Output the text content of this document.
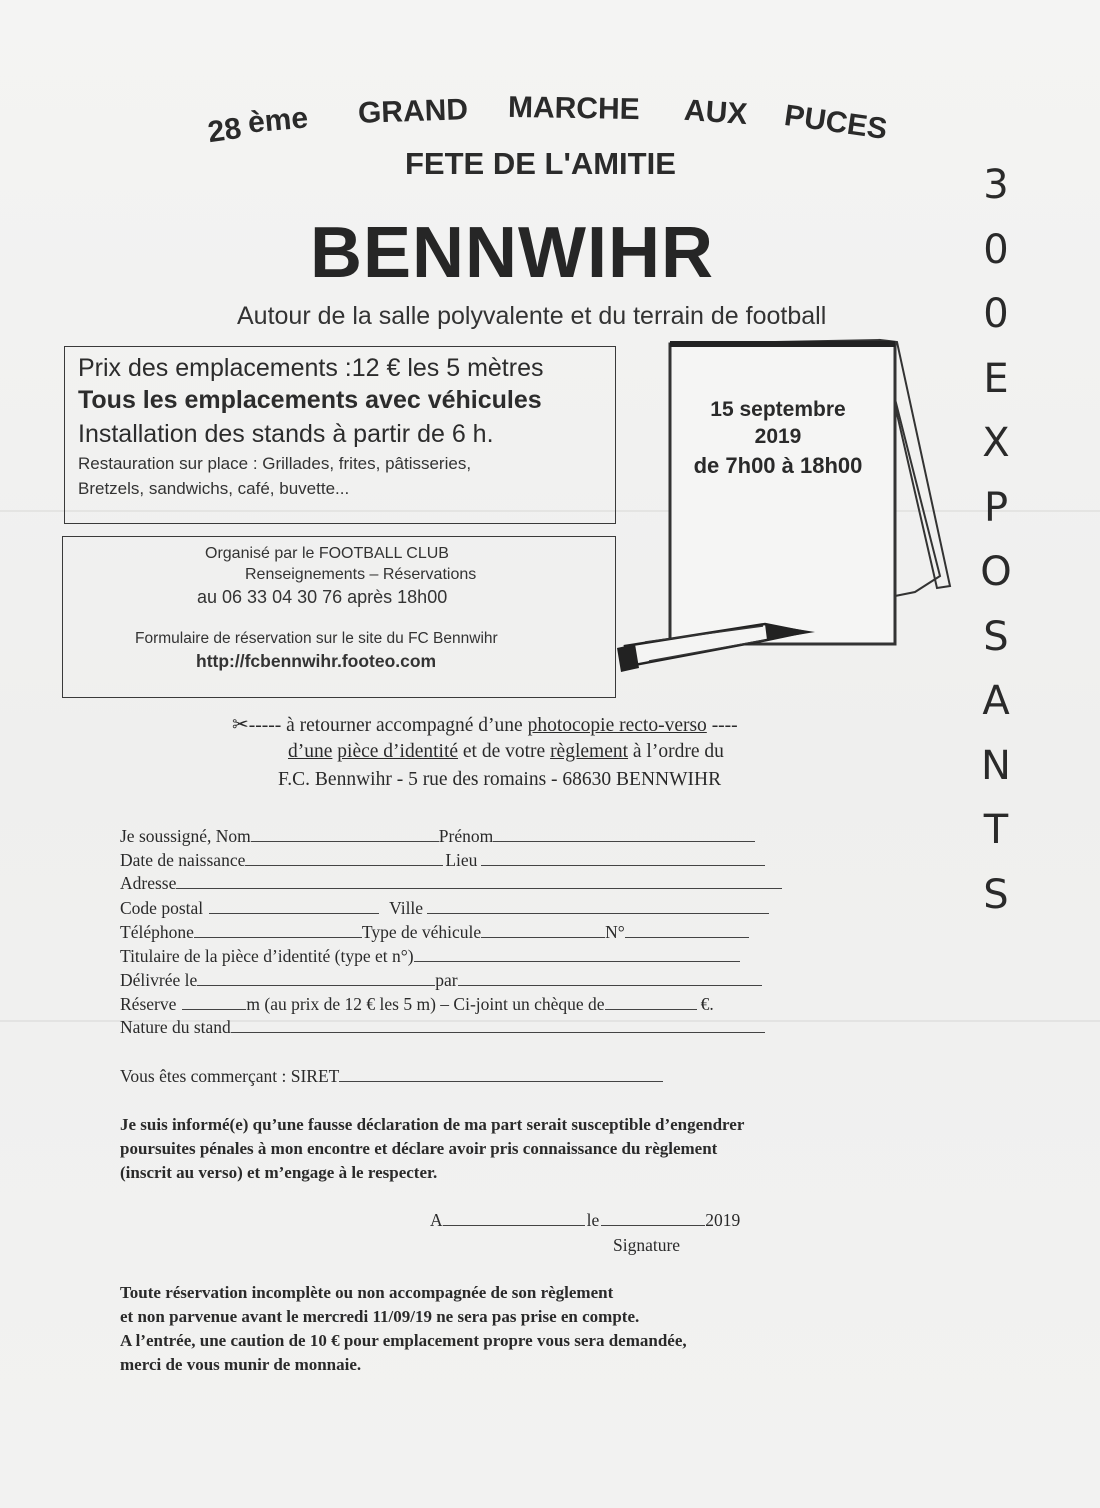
28 ème GRAND MARCHE AUX PUCES
FETE DE L'AMITIE
BENNWIHR
Autour de la salle polyvalente et du terrain de football
3
0
0
E
X
P
O
S
A
N
T
S
Prix des emplacements :12 € les 5 mètres
Tous les emplacements avec véhicules
Installation des stands à partir de 6 h.
Restauration sur place : Grillades, frites, pâtisseries,
Bretzels, sandwichs, café, buvette...
Organisé par le FOOTBALL CLUB
Renseignements – Réservations
au 06 33 04 30 76 après 18h00
Formulaire de réservation sur le site du FC Bennwihr
http://fcbennwihr.footeo.com
15 septembre
2019
de 7h00 à 18h00
✂----- à retourner accompagné d’une photocopie recto-verso ----
d’une pièce d’identité et de votre règlement à l’ordre du
F.C. Bennwihr - 5 rue des romains - 68630 BENNWIHR
Je soussigné, Nom	Prénom
Date de naissance	Lieu
Adresse
Code postal	Ville
Téléphone	Type de véhicule	N°
Titulaire de la pièce d’identité (type et n°)
Délivrée le	par
Réserve	m (au prix de 12 € les 5 m) – Ci-joint un chèque de	€.
Nature du stand
Vous êtes commerçant : SIRET
Je suis informé(e) qu’une fausse déclaration de ma part serait susceptible d’engendrer
poursuites pénales à mon encontre et déclare avoir pris connaissance du règlement
(inscrit au verso) et m’engage à le respecter.
A	le	2019
Signature
Toute réservation incomplète ou non accompagnée de son règlement
et non parvenue avant le mercredi 11/09/19 ne sera pas prise en compte.
A l’entrée, une caution de 10 € pour emplacement propre vous sera demandée,
merci de vous munir de monnaie.
